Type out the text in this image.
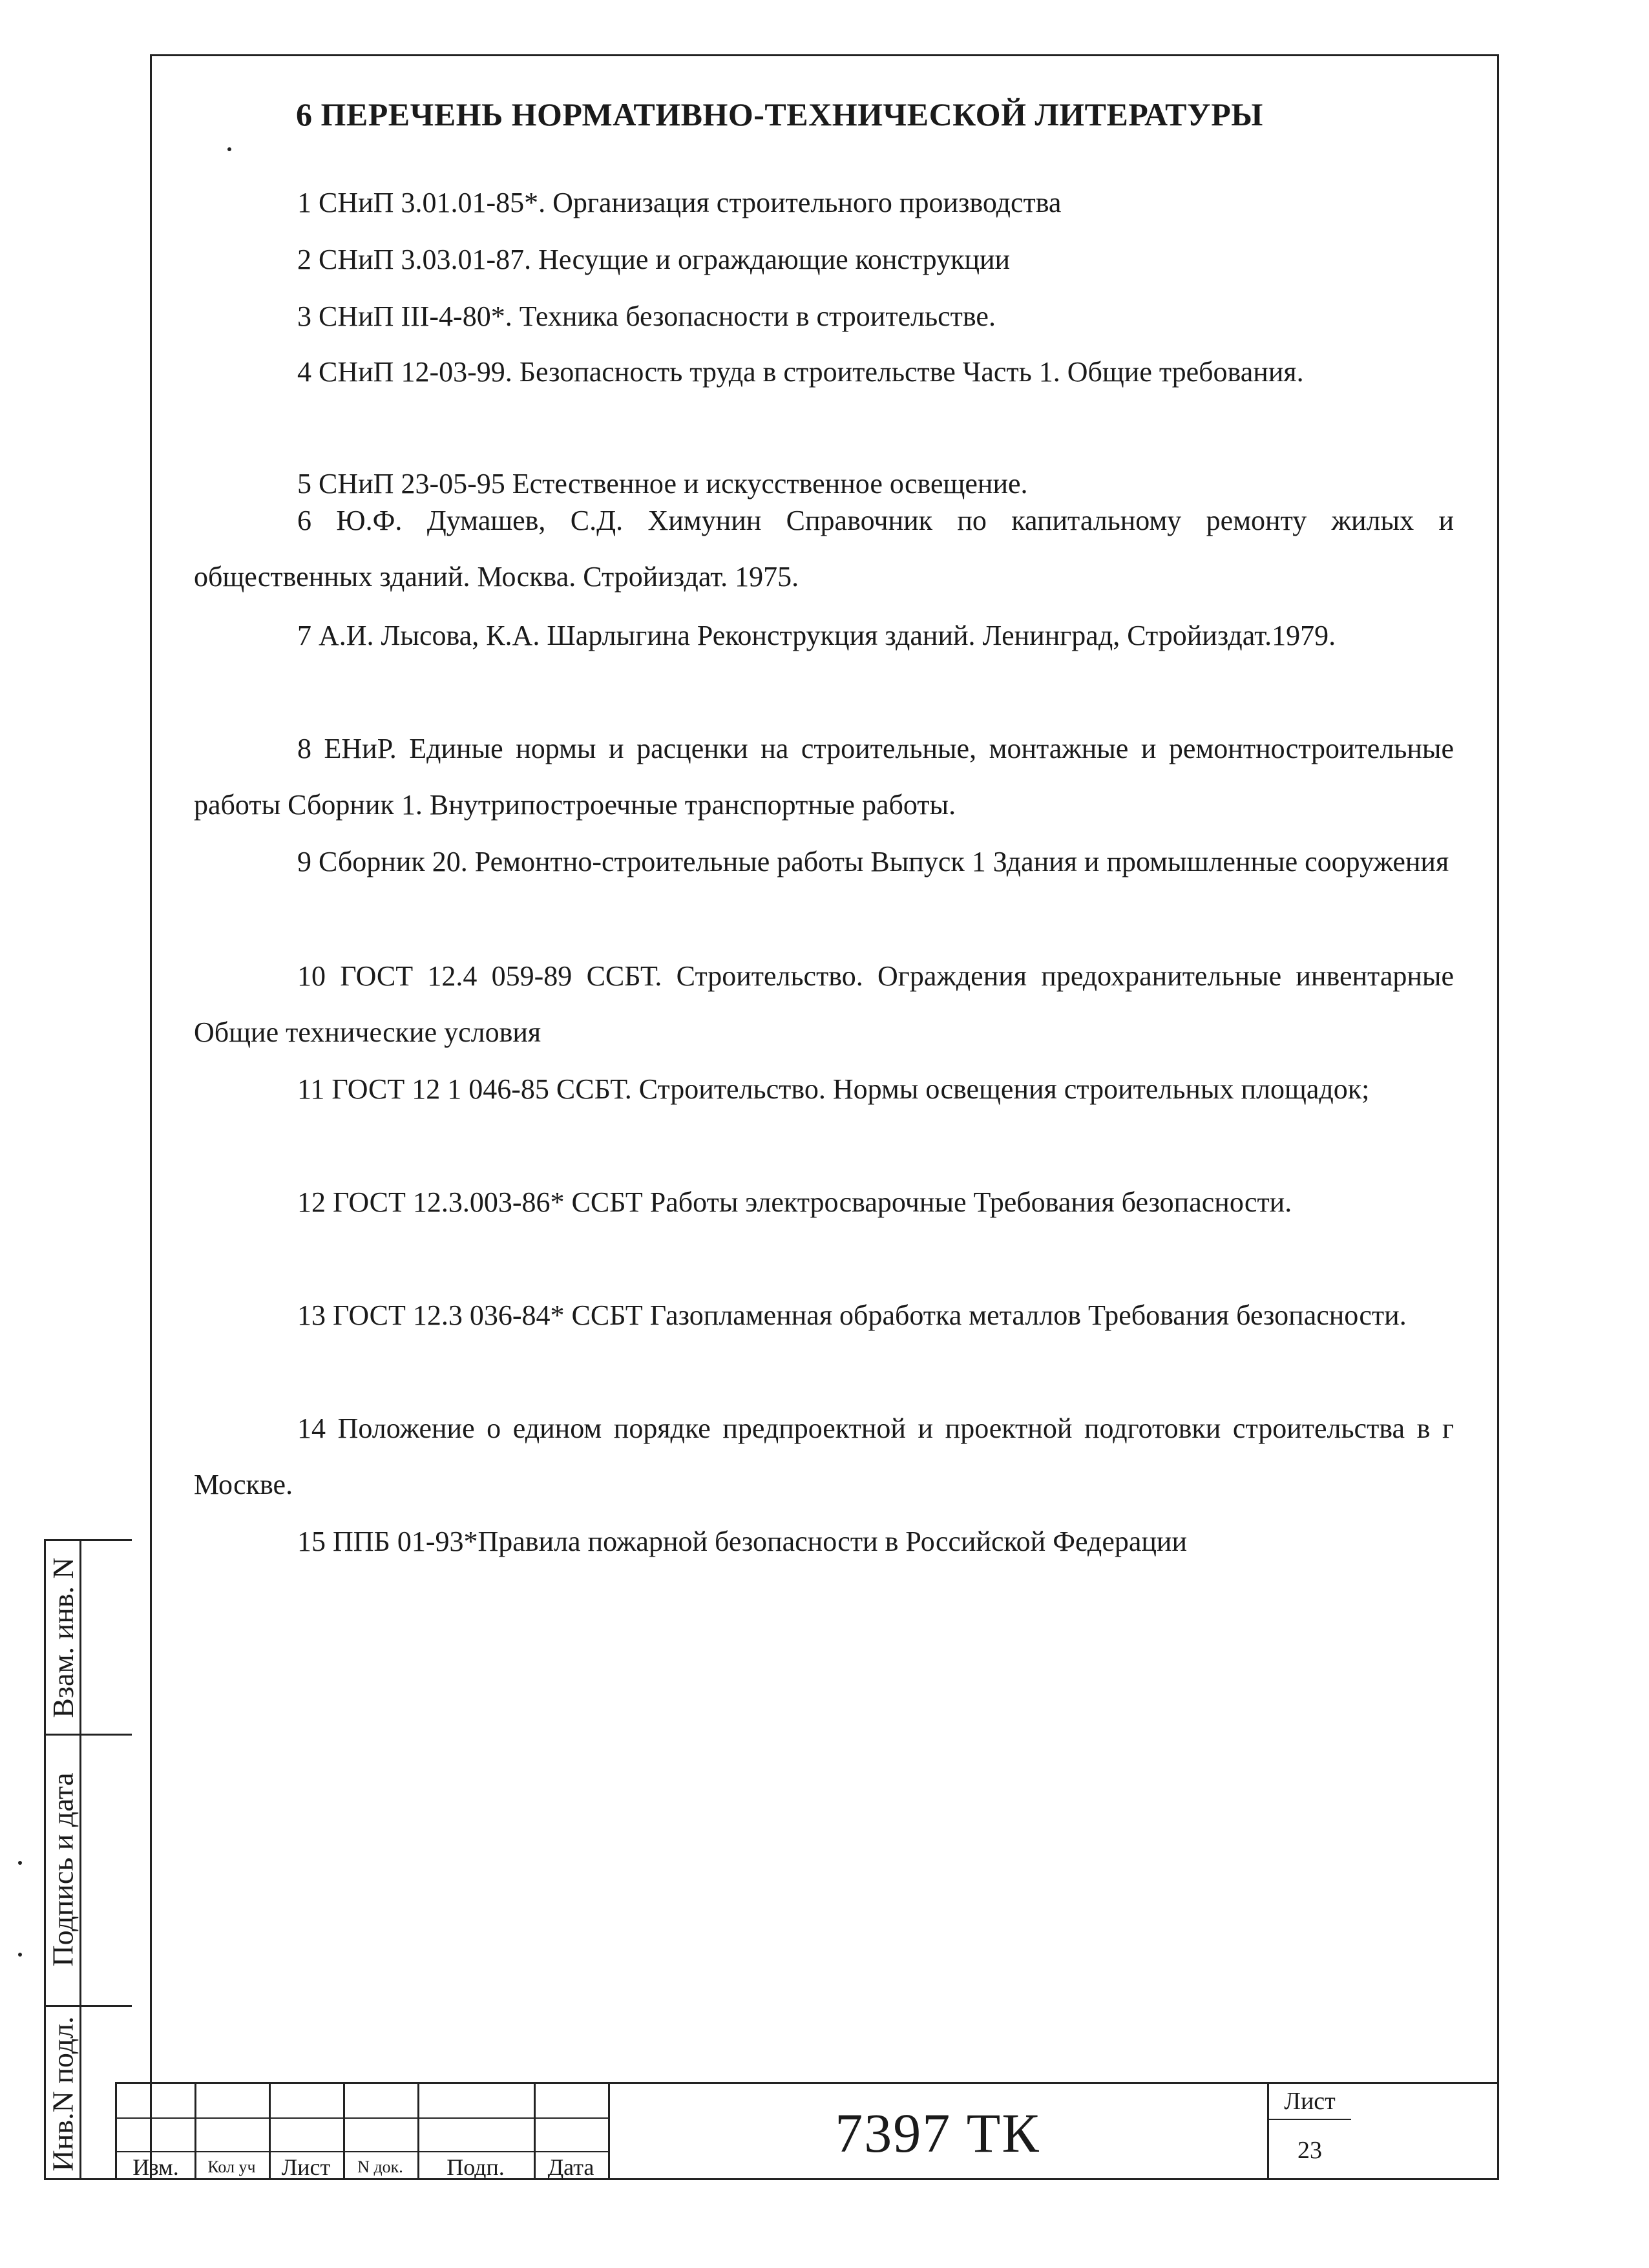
6 ПЕРЕЧЕНЬ НОРМАТИВНО-ТЕХНИЧЕСКОЙ ЛИТЕРАТУРЫ
1 СНиП 3.01.01-85*. Организация строительного производства
2 СНиП 3.03.01-87. Несущие и ограждающие конструкции
3 СНиП III-4-80*. Техника безопасности в строительстве.
4 СНиП 12-03-99. Безопасность труда в строительстве Часть 1. Общие требования.
5 СНиП 23-05-95 Естественное и искусственное освещение.
6 Ю.Ф. Думашев, С.Д. Химунин Справочник по капитальному ремонту жилых и общественных зданий. Москва. Стройиздат. 1975.
7 А.И. Лысова, К.А. Шарлыгина Реконструкция зданий. Ленинград, Стройиздат.1979.
8 ЕНиР. Единые нормы и расценки на строительные, монтажные и ремонтностроительные работы Сборник 1. Внутрипостроечные транспортные работы.
9 Сборник 20. Ремонтно-строительные работы Выпуск 1 Здания и промышленные сооружения
10 ГОСТ 12.4 059-89 ССБТ. Строительство. Ограждения предохранительные инвентарные Общие технические условия
11 ГОСТ 12 1 046-85 ССБТ. Строительство. Нормы освещения строительных площадок;
12 ГОСТ 12.3.003-86* ССБТ Работы электросварочные Требования безопасности.
13 ГОСТ 12.3 036-84* ССБТ Газопламенная обработка металлов Требования безопасности.
14 Положение о едином порядке предпроектной и проектной подготовки строительства в г Москве.
15 ППБ 01-93*Правила пожарной безопасности в Российской Федерации
Взам. инв. N
Подпись и дата
Инв.N подл.	Изм.	Кол уч	Лист	N док.	Подп.	Дата
7397 ТК
Лист
23
